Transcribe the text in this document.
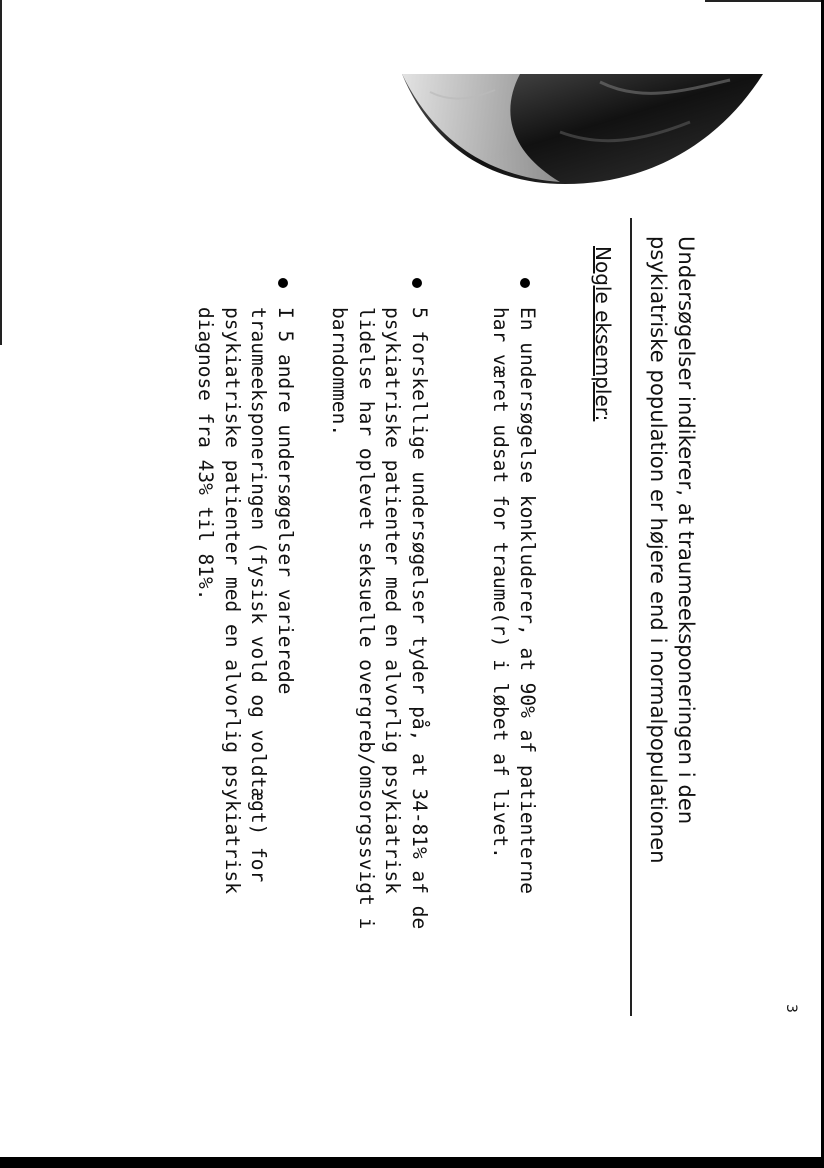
Undersøgelser indikerer, at traumeeksponeringen i den
psykiatriske population er højere end i normalpopulationen
Nogle eksempler:
En undersøgelse konkluderer, at 90% af patienterne
har været udsat for traume(r) i løbet af livet.
5 forskellige undersøgelser tyder på, at 34-81% af de
psykiatriske patienter med en alvorlig psykiatrisk
lidelse har oplevet seksuelle overgreb/omsorgssvigt i
barndommen.
I 5 andre undersøgelser varierede
traumeeksponeringen (fysisk vold og voldtægt) for
psykiatriske patienter med en alvorlig psykiatrisk
diagnose fra 43% til 81%.
3
